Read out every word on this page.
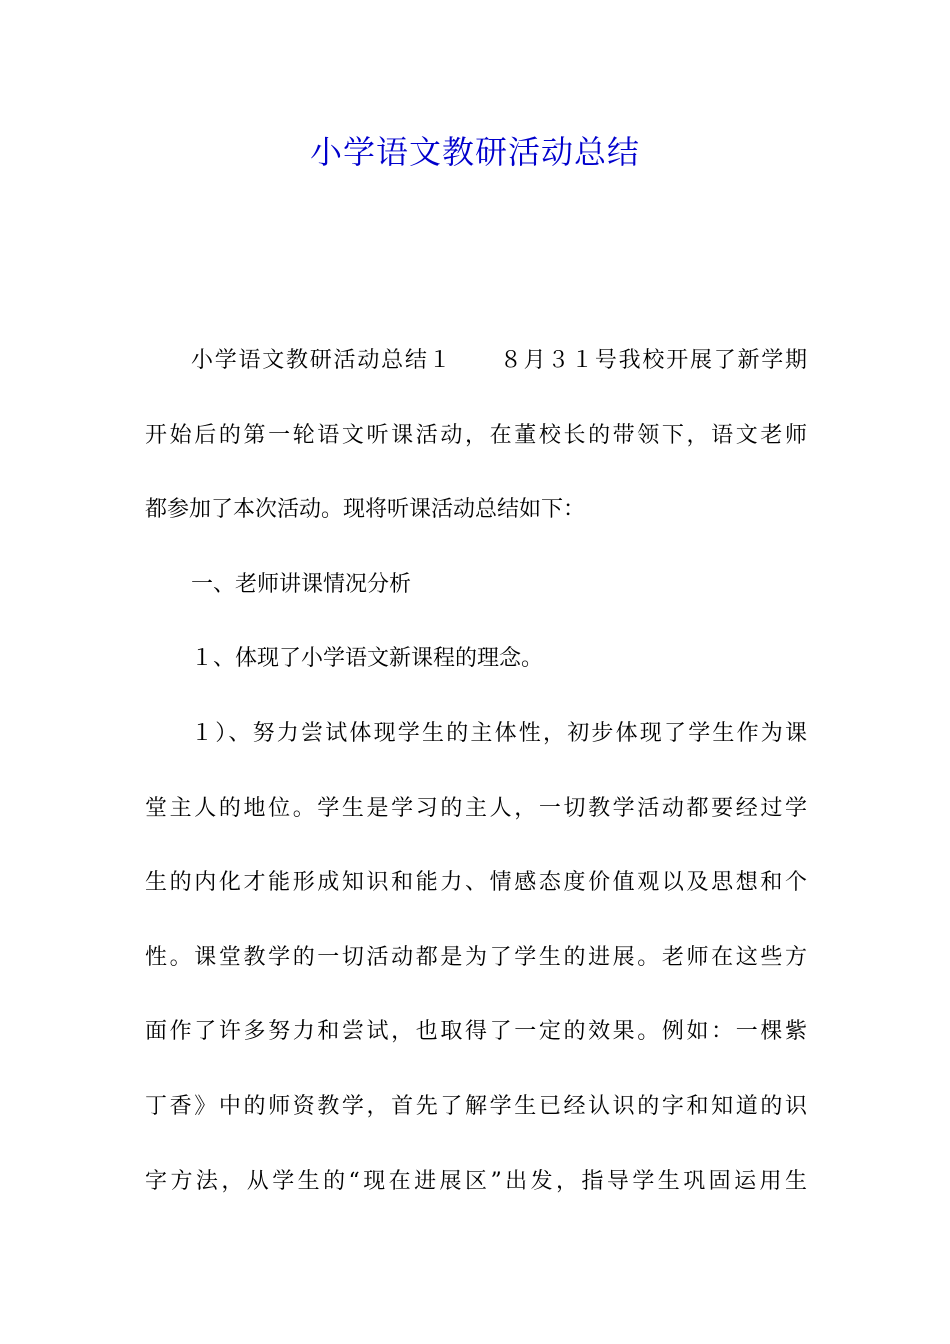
小学语文教研活动总结
小学语文教研活动总结１　　８月３１号我校开展了新学期
开始后的第一轮语文听课活动，在董校长的带领下，语文老师
都参加了本次活动。现将听课活动总结如下：
一、老师讲课情况分析
１、体现了小学语文新课程的理念。
１）、努力尝试体现学生的主体性，初步体现了学生作为课
堂主人的地位。学生是学习的主人，一切教学活动都要经过学
生的内化才能形成知识和能力、情感态度价值观以及思想和个
性。课堂教学的一切活动都是为了学生的进展。老师在这些方
面作了许多努力和尝试，也取得了一定的效果。例如：一棵紫
丁香》中的师资教学，首先了解学生已经认识的字和知道的识
字方法，从学生的“现在进展区”出发，指导学生巩固运用生
